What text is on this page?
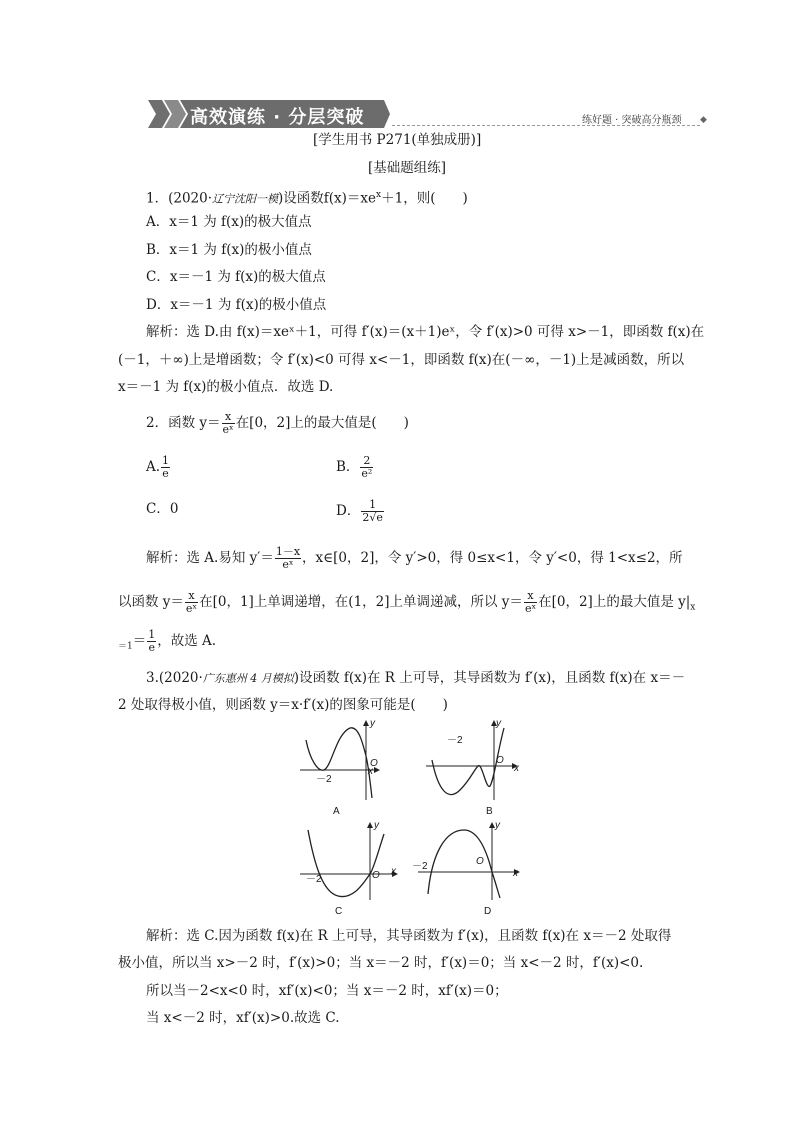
高效演练 · 分层突破	练好题 · 突破高分瓶颈 ◆
[学生用书 P271(单独成册)]
[基础题组练]
1．(2020·辽宁沈阳一模)设函数$f(x)=xe^x+1$，则(　　)
A．x＝1 为 f(x)的极大值点
B．x＝1 为 f(x)的极小值点
C．x＝－1 为 f(x)的极大值点
D．x＝－1 为 f(x)的极小值点
解析：选 D.由 f(x)＝xeˣ＋1，可得 f′(x)＝(x＋1)eˣ，令 f′(x)>0 可得 x>－1，即函数 f(x)在
(－1，＋∞)上是增函数；令 f′(x)<0 可得 x<－1，即函数 f(x)在(－∞，－1)上是减函数，所以
x＝－1 为 f(x)的极小值点．故选 D.
2．函数 $y= \frac{x}{\text{eˣ}}$ 在[0，2]上的最大值是(　　)
A. $\frac{1}{e}$	B． $\frac{2}{\text{e²}}$
C．0	D． $\frac{1}{2√e}$
解析：选 A.易知 $y'= \frac{1-x}{\text{eˣ}}$ ，x∈[0，2]，令 y′>0，得 0≤x<1，令 y′<0，得 1<x≤2，所
以函数 $y= \frac{x}{\text{eˣ}}$ 在[0，1]上单调递增，在(1，2]上单调递减，所以 $y= \frac{x}{\text{eˣ}}$ 在[0，2]上的最大值是 $y|_x$
$_{=1}= \frac{1}{e}$ ，故选 A.
3.(2020·广东惠州 4 月模拟)设函数 f(x)在 R 上可导，其导函数为 f′(x)，且函数 f(x)在 x＝－
2 处取得极小值，则函数 y＝x·f′(x)的图象可能是(　　)
－2
O
x
y
A
－2
O
x
y
B
－2	O x
y
C
－2	O
x
y
D
解析：选 C.因为函数 f(x)在 R 上可导，其导函数为 f′(x)，且函数 f(x)在 x＝－2 处取得
极小值，所以当 x>－2 时，f′(x)>0；当 x＝－2 时，f′(x)＝0；当 x<－2 时，f′(x)<0.
所以当－2<x<0 时，xf′(x)<0；当 x＝－2 时，xf′(x)＝0；
当 x<－2 时，xf′(x)>0.故选 C.
